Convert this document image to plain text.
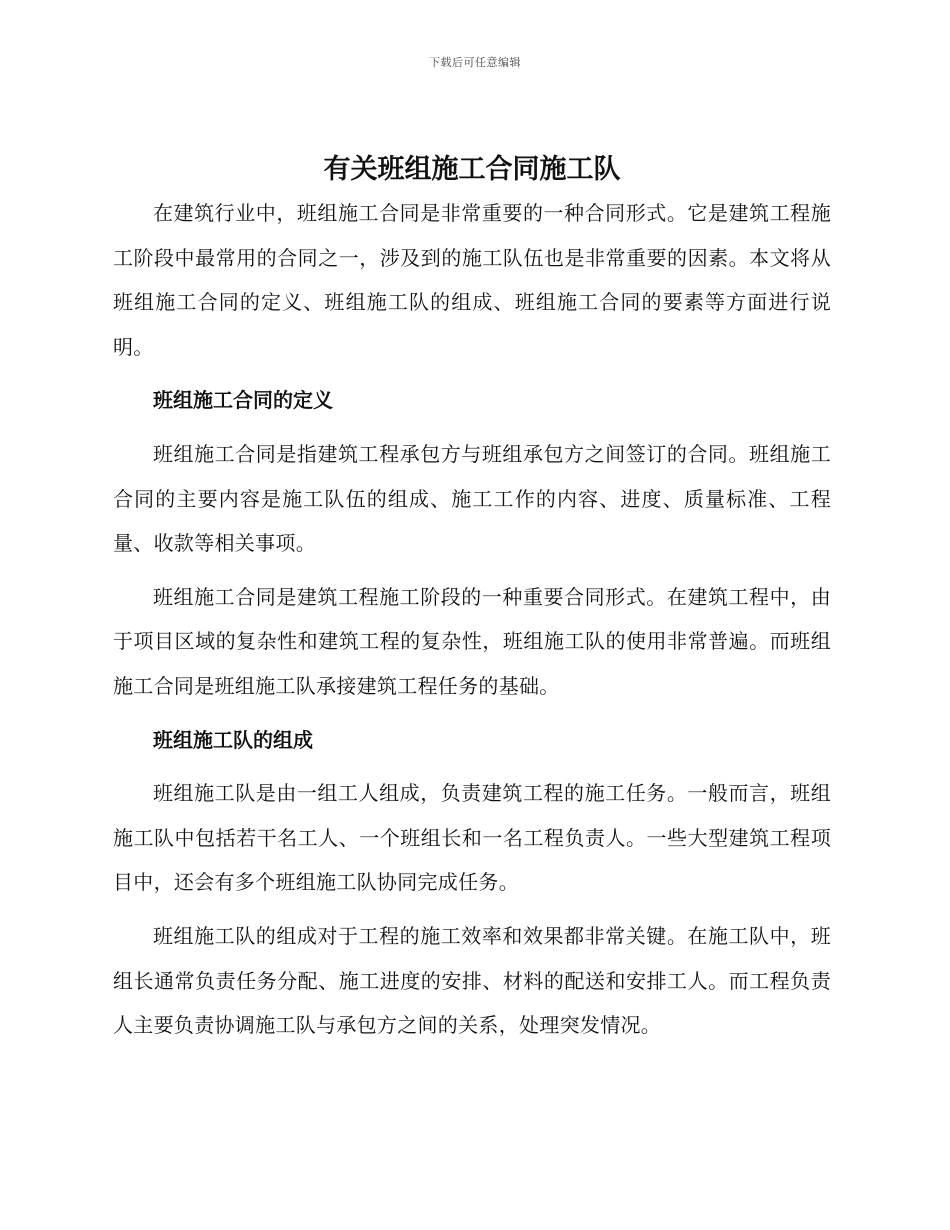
下载后可任意编辑
有关班组施工合同施工队

在建筑行业中，班组施工合同是非常重要的一种合同形式。它是建筑工程施工阶段中最常用的合同之一，涉及到的施工队伍也是非常重要的因素。本文将从班组施工合同的定义、班组施工队的组成、班组施工合同的要素等方面进行说明。

班组施工合同的定义

班组施工合同是指建筑工程承包方与班组承包方之间签订的合同。班组施工合同的主要内容是施工队伍的组成、施工工作的内容、进度、质量标准、工程量、收款等相关事项。

班组施工合同是建筑工程施工阶段的一种重要合同形式。在建筑工程中，由于项目区域的复杂性和建筑工程的复杂性，班组施工队的使用非常普遍。而班组施工合同是班组施工队承接建筑工程任务的基础。

班组施工队的组成

班组施工队是由一组工人组成，负责建筑工程的施工任务。一般而言，班组施工队中包括若干名工人、一个班组长和一名工程负责人。一些大型建筑工程项目中，还会有多个班组施工队协同完成任务。

班组施工队的组成对于工程的施工效率和效果都非常关键。在施工队中，班组长通常负责任务分配、施工进度的安排、材料的配送和安排工人。而工程负责人主要负责协调施工队与承包方之间的关系，处理突发情况。
